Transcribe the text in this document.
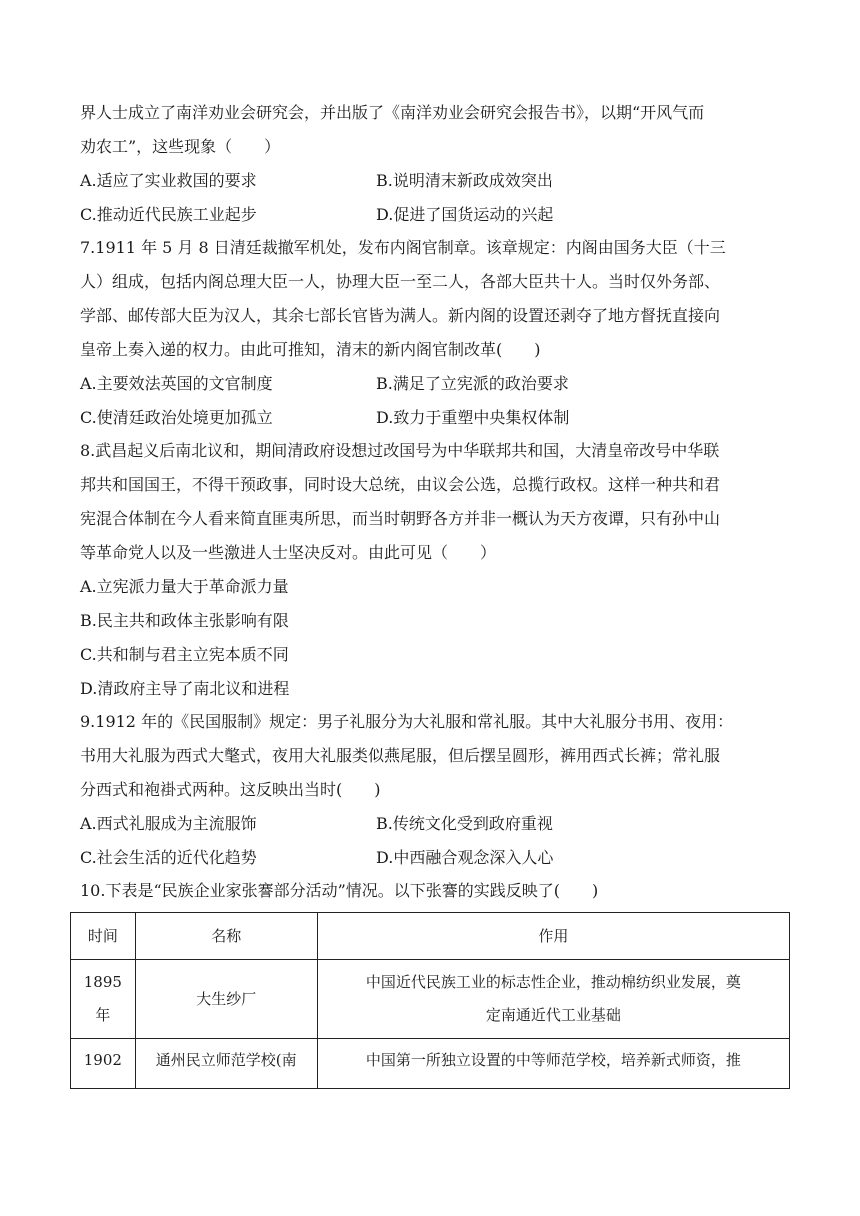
界人士成立了南洋劝业会研究会，并出版了《南洋劝业会研究会报告书》，以期“开风气而
劝农工”，这些现象（　　）
A.适应了实业救国的要求	B.说明清末新政成效突出
C.推动近代民族工业起步	D.促进了国货运动的兴起
7.1911 年 5 月 8 日清廷裁撤军机处，发布内阁官制章。该章规定：内阁由国务大臣（十三
人）组成，包括内阁总理大臣一人，协理大臣一至二人，各部大臣共十人。当时仅外务部、
学部、邮传部大臣为汉人，其余七部长官皆为满人。新内阁的设置还剥夺了地方督抚直接向
皇帝上奏入递的权力。由此可推知，清末的新内阁官制改革(　　)
A.主要效法英国的文官制度	B.满足了立宪派的政治要求
C.使清廷政治处境更加孤立	D.致力于重塑中央集权体制
8.武昌起义后南北议和，期间清政府设想过改国号为中华联邦共和国，大清皇帝改号中华联
邦共和国国王，不得干预政事，同时设大总统，由议会公选，总揽行政权。这样一种共和君
宪混合体制在今人看来简直匪夷所思，而当时朝野各方并非一概认为天方夜谭，只有孙中山
等革命党人以及一些激进人士坚决反对。由此可见（　　）
A.立宪派力量大于革命派力量
B.民主共和政体主张影响有限
C.共和制与君主立宪本质不同
D.清政府主导了南北议和进程
9.1912 年的《民国服制》规定：男子礼服分为大礼服和常礼服。其中大礼服分书用、夜用：
书用大礼服为西式大氅式，夜用大礼服类似燕尾服，但后摆呈圆形，裤用西式长裤；常礼服
分西式和袍褂式两种。这反映出当时(　　)
A.西式礼服成为主流服饰	B.传统文化受到政府重视
C.社会生活的近代化趋势	D.中西融合观念深入人心
10.下表是“民族企业家张謇部分活动”情况。以下张謇的实践反映了(　　)
时间	名称	作用

1895
年	大生纱厂	中国近代民族工业的标志性企业，推动棉纺织业发展，奠
定南通近代工业基础

1902	通州民立师范学校(南	中国第一所独立设置的中等师范学校，培养新式师资，推
